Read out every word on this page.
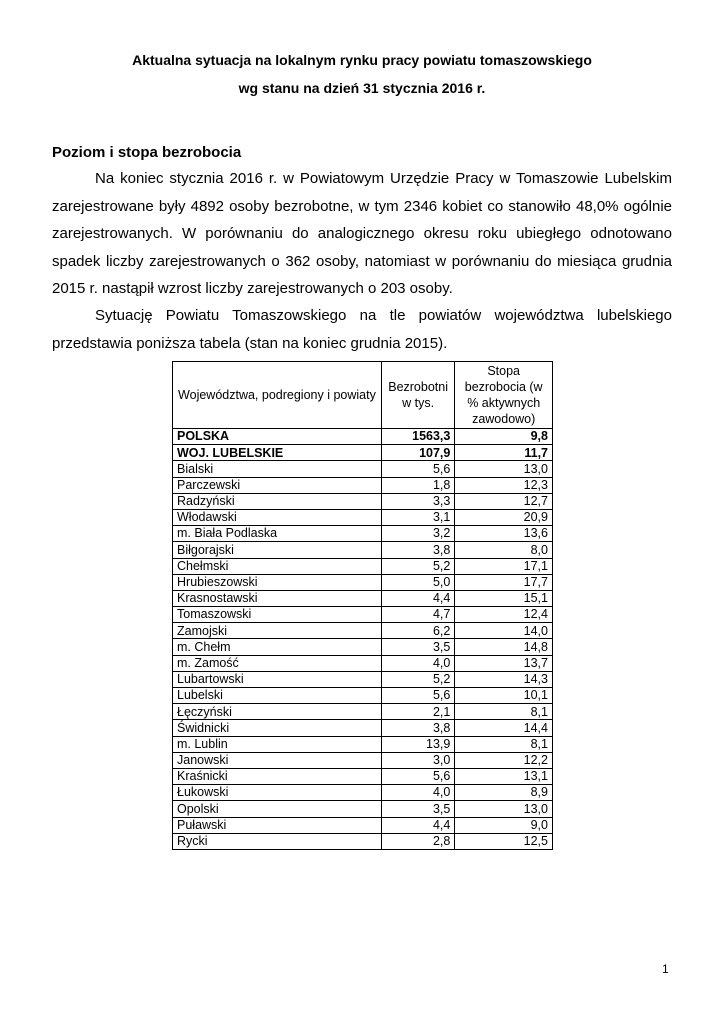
Aktualna sytuacja na lokalnym rynku pracy powiatu tomaszowskiego
wg stanu na dzień 31 stycznia 2016 r.
Poziom i stopa bezrobocia

Na koniec stycznia 2016 r. w Powiatowym Urzędzie Pracy w Tomaszowie Lubelskim zarejestrowane były 4892 osoby bezrobotne, w tym 2346 kobiet co stanowiło 48,0% ogólnie zarejestrowanych. W porównaniu do analogicznego okresu roku ubiegłego odnotowano spadek liczby zarejestrowanych o 362 osoby, natomiast w porównaniu do miesiąca grudnia 2015 r. nastąpił wzrost liczby zarejestrowanych o 203 osoby.

Sytuację Powiatu Tomaszowskiego na tle powiatów województwa lubelskiego przedstawia poniższa tabela (stan na koniec grudnia 2015).

Województwa, podregiony i powiaty	Bezrobotni w tys.	Stopa bezrobocia (w % aktywnych zawodowo)
POLSKA	1563,3	9,8
WOJ. LUBELSKIE	107,9	11,7
Bialski	5,6	13,0
Parczewski	1,8	12,3
Radzyński	3,3	12,7
Włodawski	3,1	20,9
m. Biała Podlaska	3,2	13,6
Biłgorajski	3,8	8,0
Chełmski	5,2	17,1
Hrubieszowski	5,0	17,7
Krasnostawski	4,4	15,1
Tomaszowski	4,7	12,4
Zamojski	6,2	14,0
m. Chełm	3,5	14,8
m. Zamość	4,0	13,7
Lubartowski	5,2	14,3
Lubelski	5,6	10,1
Łęczyński	2,1	8,1
Świdnicki	3,8	14,4
m. Lublin	13,9	8,1
Janowski	3,0	12,2
Kraśnicki	5,6	13,1
Łukowski	4,0	8,9
Opolski	3,5	13,0
Puławski	4,4	9,0
Rycki	2,8	12,5
1
